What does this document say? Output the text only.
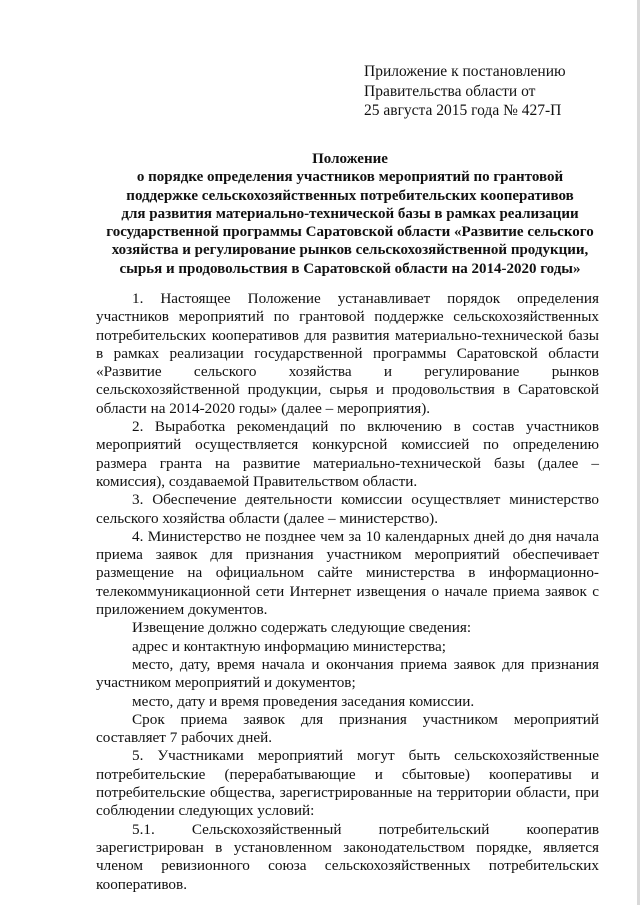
Приложение к постановлению
Правительства области от
25 августа 2015 года № 427-П
Положение
о порядке определения участников мероприятий по грантовой
поддержке сельскохозяйственных потребительских кооперативов
для развития материально-технической базы в рамках реализации
государственной программы Саратовской области «Развитие сельского
хозяйства и регулирование рынков сельскохозяйственной продукции,
сырья и продовольствия в Саратовской области на 2014-2020 годы»

1. Настоящее Положение устанавливает порядок определения участников мероприятий по грантовой поддержке сельскохозяйственных потребительских кооперативов для развития материально-технической базы в рамках реализации государственной программы Саратовской области «Развитие сельского хозяйства и регулирование рынков сельскохозяйственной продукции, сырья и продовольствия в Саратовской области на 2014-2020 годы» (далее – мероприятия).

2. Выработка рекомендаций по включению в состав участников мероприятий осуществляется конкурсной комиссией по определению размера гранта на развитие материально-технической базы (далее – комиссия), создаваемой Правительством области.

3. Обеспечение деятельности комиссии осуществляет министерство сельского хозяйства области (далее – министерство).

4. Министерство не позднее чем за 10 календарных дней до дня начала приема заявок для признания участником мероприятий обеспечивает размещение на официальном сайте министерства в информационно-телекоммуникационной сети Интернет извещения о начале приема заявок с приложением документов.

Извещение должно содержать следующие сведения:

адрес и контактную информацию министерства;

место, дату, время начала и окончания приема заявок для признания участником мероприятий и документов;

место, дату и время проведения заседания комиссии.

Срок приема заявок для признания участником мероприятий составляет 7 рабочих дней.

5. Участниками мероприятий могут быть сельскохозяйственные потребительские (перерабатывающие и сбытовые) кооперативы и потребительские общества, зарегистрированные на территории области, при соблюдении следующих условий:

5.1. Сельскохозяйственный потребительский кооператив зарегистрирован в установленном законодательством порядке, является членом ревизионного союза сельскохозяйственных потребительских кооперативов.
